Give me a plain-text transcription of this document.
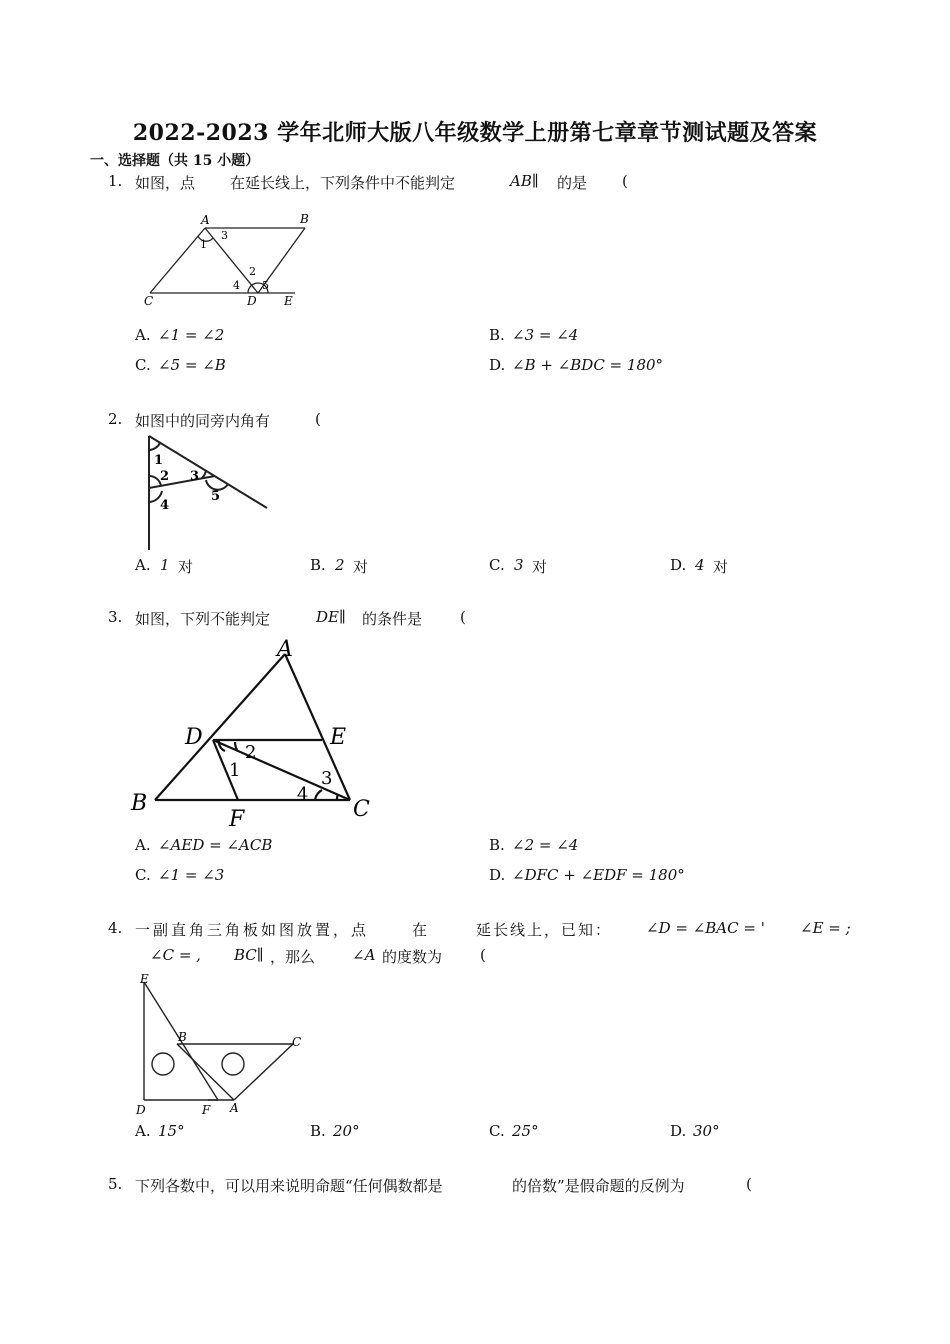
2022-2023 学年北师大版八年级数学上册第七章章节测试题及答案
一、选择题（共 15 小题）
1. 如图，点 在延长线上，下列条件中不能判定	AB∥ 的是 (
A	B
C	D E
1
2
3
4 5
A. ∠1 = ∠2	B. ∠3 = ∠4
C. ∠5 = ∠B	D. ∠B + ∠BDC = 180°
2. 如图中的同旁内角有	(
1
2 3
4
5
A. 1 对	B. 2 对	C. 3 对	D. 4 对
3. 如图，下列不能判定	DE∥ 的条件是	(
A
B	C
D	E
F
1
2
3
4
A. ∠AED = ∠ACB	B. ∠2 = ∠4
C. ∠1 = ∠3	D. ∠DFC + ∠EDF = 180°
4. 一副直角三角板如图放置，点	在	延长线上，已知： ∠D = ∠BAC = ' ∠E = ;
∠C = , BC∥ ，那么 ∠A 的度数为	(
E
B	C
D	F A
A. 15°	B. 20°	C. 25°	D. 30°
5. 下列各数中，可以用来说明命题“任何偶数都是	的倍数”是假命题的反例为	(
